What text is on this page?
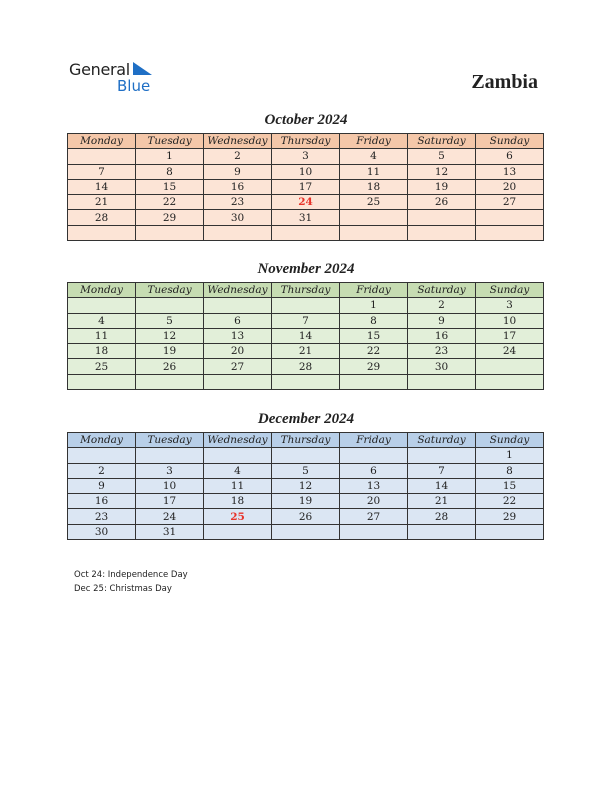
General
Blue	Zambia
October 2024
Monday	Tuesday	Wednesday	Thursday	Friday	Saturday	Sunday
	1	2	3	4	5	6
7	8	9	10	11	12	13
14	15	16	17	18	19	20
21	22	23	24	25	26	27
28	29	30	31			

November 2024
Monday	Tuesday	Wednesday	Thursday	Friday	Saturday	Sunday
				1	2	3
4	5	6	7	8	9	10
11	12	13	14	15	16	17
18	19	20	21	22	23	24
25	26	27	28	29	30	

December 2024
Monday	Tuesday	Wednesday	Thursday	Friday	Saturday	Sunday
						1
2	3	4	5	6	7	8
9	10	11	12	13	14	15
16	17	18	19	20	21	22
23	24	25	26	27	28	29
30	31					
Oct 24: Independence Day
Dec 25: Christmas Day
